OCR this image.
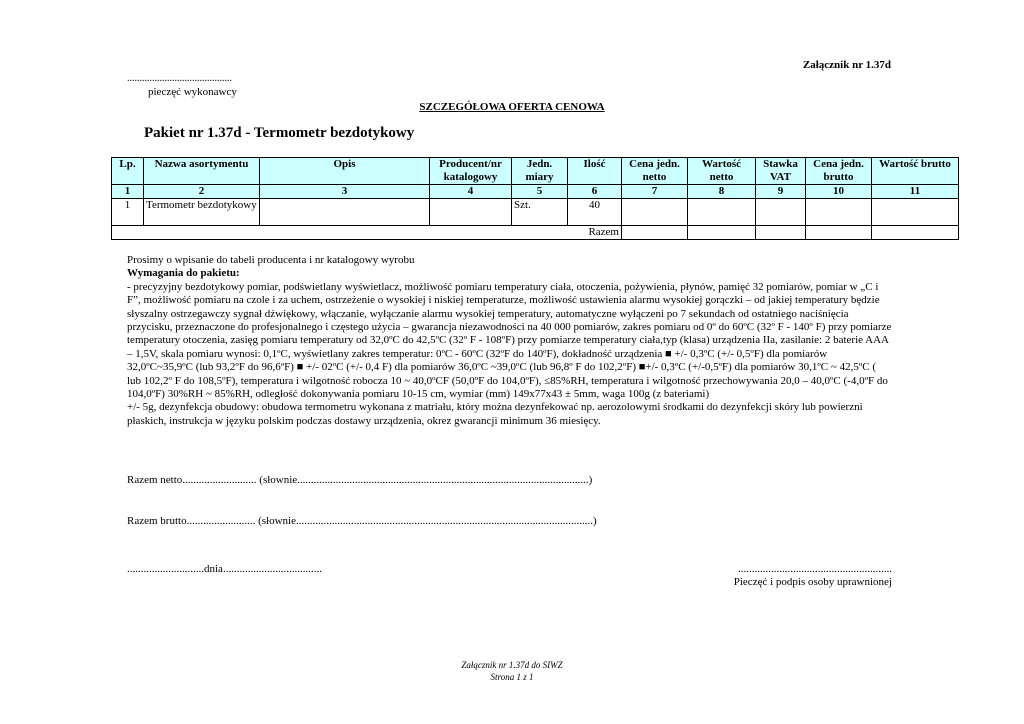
Załącznik nr 1.37d
..........................................
pieczęć wykonawcy
SZCZEGÓŁOWA OFERTA CENOWA
Pakiet nr 1.37d - Termometr bezdotykowy
Lp.	Nazwa asortymentu	Opis	Producent/nr katalogowy	Jedn. miary	Ilość	Cena jedn. netto	Wartość netto	Stawka VAT	Cena jedn. brutto	Wartość brutto
1	2	3	4	5	6	7	8	9	10	11
1	Termometr bezdotykowy			Szt.	40					
Razem										

Prosimy o wpisanie do tabeli producenta i nr katalogowy wyrobu

Wymagania do pakietu:

- precyzyjny bezdotykowy pomiar, podświetlany wyświetlacz, możliwość pomiaru temperatury ciała, otoczenia, pożywienia, płynów, pamięć 32 pomiarów, pomiar w „C i F”, możliwość pomiaru na czole i za uchem, ostrzeżenie o wysokiej i niskiej temperaturze, możliwość ustawienia alarmu wysokiej gorączki – od jakiej temperatury będzie słyszalny ostrzegawczy sygnał dźwiękowy, włączanie, wyłączanie alarmu wysokiej temperatury, automatyczne wyłączeni po 7 sekundach od ostatniego naciśnięcia przycisku, przeznaczone do profesjonalnego i częstego użycia – gwarancja niezawodności na 40 000 pomiarów, zakres pomiaru od 0º do 60ºC (32º F - 140º F) przy pomiarze temperatury otoczenia, zasięg pomiaru temperatury od 32,0ºC do 42,5ºC (32º F - 108ºF) przy pomiarze temperatury ciała,typ (klasa) urządzenia IIa, zasilanie: 2 baterie AAA – 1,5V, skala pomiaru wynosi: 0,1ºC, wyświetlany zakres temperatur: 0ºC - 60ºC (32ºF do 140ºF), dokładność urządzenia ■ +/- 0,3ºC (+/- 0,5ºF) dla pomiarów 32,0ºC~35,9ºC (lub 93,2ºF do 96,6ºF) ■ +/- 02ºC (+/- 0,4 F) dla pomiarów 36,0ºC ~39,0ºC (lub 96,8º F do 102,2ºF) ■+/- 0,3ºC (+/-0,5ºF) dla pomiarów 30,1ºC ~ 42,5ºC ( lub 102,2º F do 108,5ºF), temperatura i wilgotność robocza 10 ~ 40,0ºCF (50,0ºF do 104,0ºF), ≤85%RH, temperatura i wilgotność przechowywania 20,0 – 40,0ºC (-4,0ºF do 104,0ºF) 30%RH ~ 85%RH, odległość dokonywania pomiaru 10-15 cm, wymiar (mm) 149x77x43 ± 5mm, waga 100g (z bateriami)

+/- 5g, dezynfekcja obudowy: obudowa termometru wykonana z matriału, który można dezynfekować np. aerozolowymi środkami do dezynfekcji skóry lub powierzni płaskich, instrukcja w języku polskim podczas dostawy urządzenia, okrez gwarancji minimum 36 miesięcy.

Razem netto........................... (słownie..........................................................................................................)
Razem brutto......................... (słownie............................................................................................................)
............................dnia....................................	........................................................
Pieczęć i podpis osoby uprawnionej
Załącznik nr 1.37d do SIWZ
Strona 1 z 1
